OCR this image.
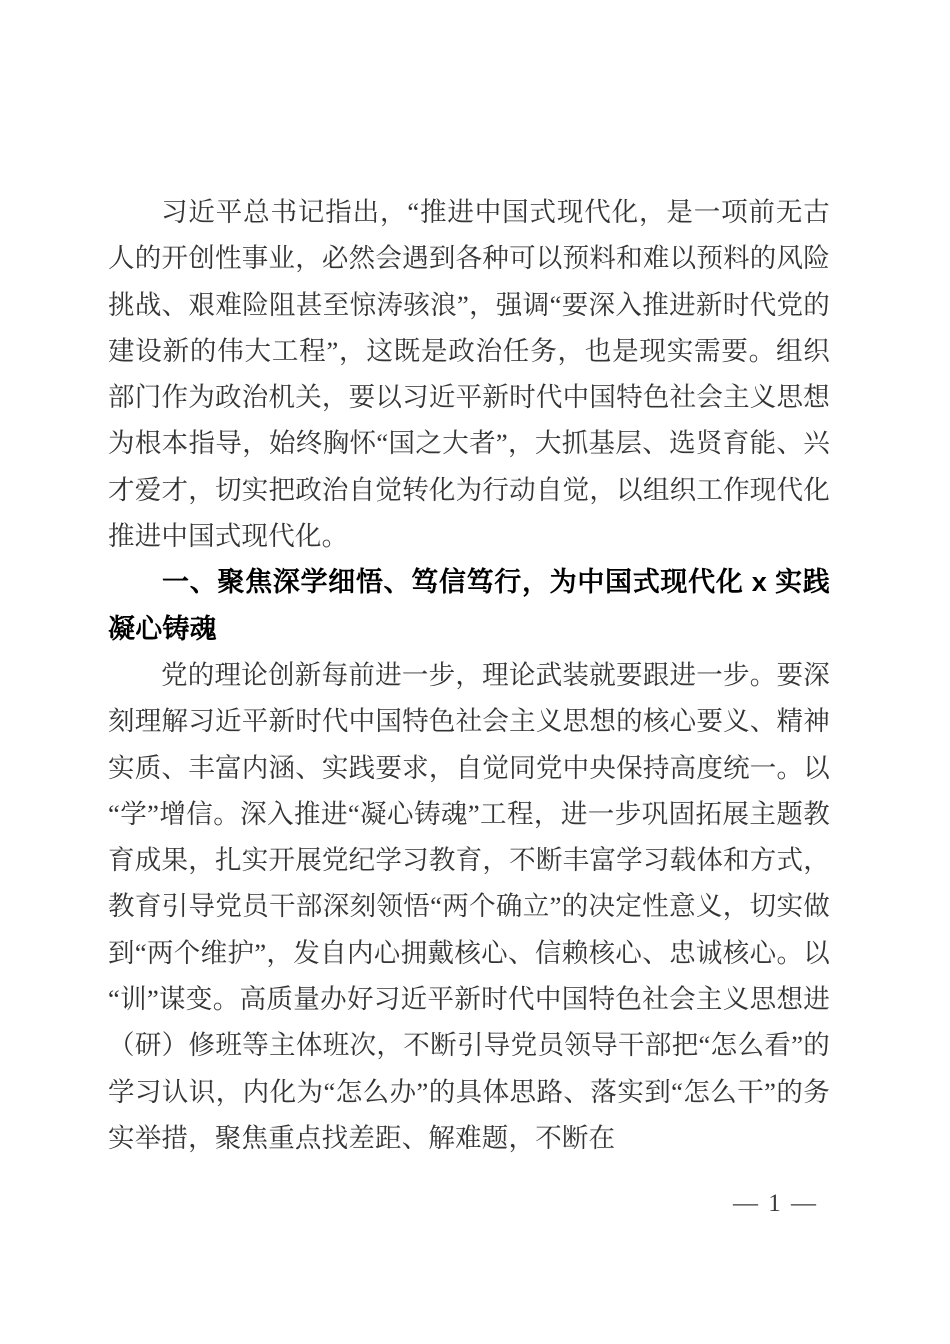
习近平总书记指出，“推进中国式现代化，是一项前无古人的开创性事业，必然会遇到各种可以预料和难以预料的风险挑战、艰难险阻甚至惊涛骇浪”，强调“要深入推进新时代党的建设新的伟大工程”，这既是政治任务，也是现实需要。组织部门作为政治机关，要以习近平新时代中国特色社会主义思想为根本指导，始终胸怀“国之大者”，大抓基层、选贤育能、兴才爱才，切实把政治自觉转化为行动自觉，以组织工作现代化推进中国式现代化。

一、聚焦深学细悟、笃信笃行，为中国式现代化 x 实践凝心铸魂

党的理论创新每前进一步，理论武装就要跟进一步。要深刻理解习近平新时代中国特色社会主义思想的核心要义、精神实质、丰富内涵、实践要求，自觉同党中央保持高度统一。以“学”增信。深入推进“凝心铸魂”工程，进一步巩固拓展主题教育成果，扎实开展党纪学习教育，不断丰富学习载体和方式，教育引导党员干部深刻领悟“两个确立”的决定性意义，切实做到“两个维护”，发自内心拥戴核心、信赖核心、忠诚核心。以“训”谋变。高质量办好习近平新时代中国特色社会主义思想进（研）修班等主体班次，不断引导党员领导干部把“怎么看”的学习认识，内化为“怎么办”的具体思路、落实到“怎么干”的务实举措，聚焦重点找差距、解难题，不断在

— 1 —
